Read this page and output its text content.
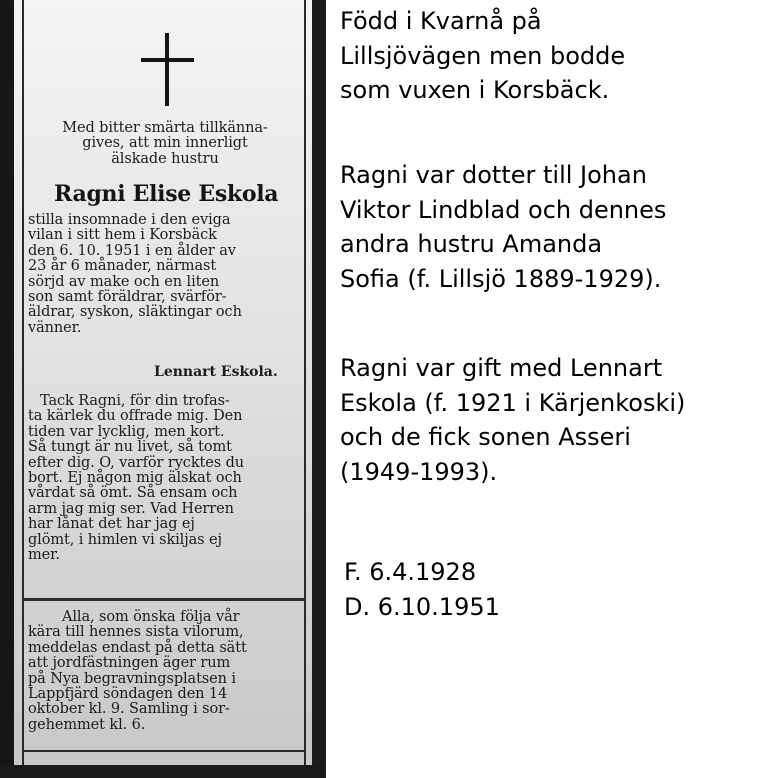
Med bitter smärta tillkänna-
gives, att min innerligt
älskade hustru
Ragni Elise Eskola
stilla insomnade i den eviga
vilan i sitt hem i Korsbäck
den 6. 10. 1951 i en ålder av
23 år 6 månader, närmast
sörjd av make och en liten
son samt föräldrar, svärför-
äldrar, syskon, släktingar och
vänner.
Lennart Eskola.
Tack Ragni, för din trofas-
ta kärlek du offrade mig. Den
tiden var lycklig, men kort.
Så tungt är nu livet, så tomt
efter dig. O, varför rycktes du
bort. Ej någon mig älskat och
vårdat så ömt. Så ensam och
arm jag mig ser. Vad Herren
har lånat det har jag ej
glömt, i himlen vi skiljas ej
mer.
Alla, som önska följa vår
kära till hennes sista vilorum,
meddelas endast på detta sätt
att jordfästningen äger rum
på Nya begravningsplatsen i
Lappfjärd söndagen den 14
oktober kl. 9. Samling i sor-
gehemmet kl. 6.
Född i Kvarnå på
Lillsjövägen men bodde
som vuxen i Korsbäck.
Ragni var dotter till Johan
Viktor Lindblad och dennes
andra hustru Amanda
Sofia (f. Lillsjö 1889-1929).
Ragni var gift med Lennart
Eskola (f. 1921 i Kärjenkoski)
och de fick sonen Asseri
(1949-1993).
F. 6.4.1928
D. 6.10.1951
